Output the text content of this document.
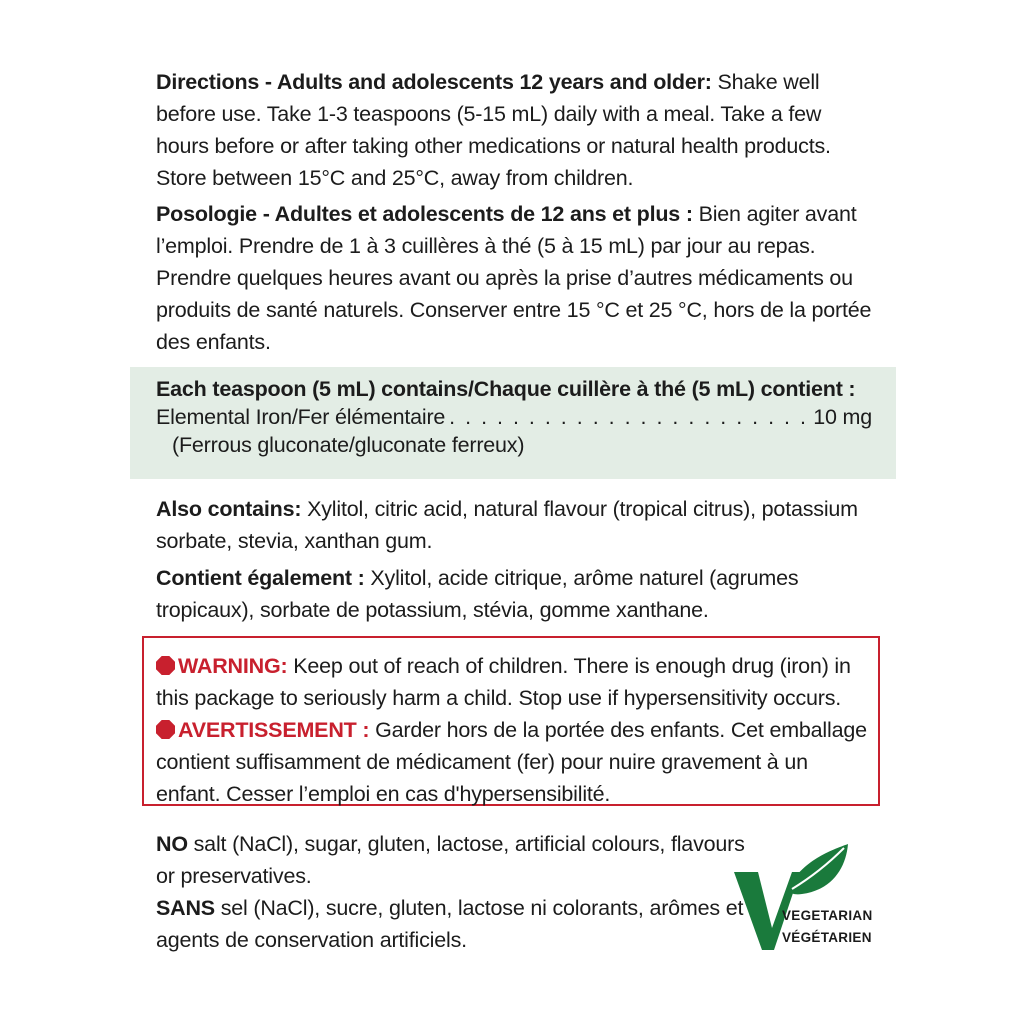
Directions - Adults and adolescents 12 years and older: Shake well before use. Take 1-3 teaspoons (5-15 mL) daily with a meal. Take a few hours before or after taking other medications or natural health products. Store between 15°C and 25°C, away from children.

Posologie - Adultes et adolescents de 12 ans et plus : Bien agiter avant l’emploi. Prendre de 1 à 3 cuillères à thé (5 à 15 mL) par jour au repas. Prendre quelques heures avant ou après la prise d’autres médicaments ou produits de santé naturels. Conserver entre 15 °C et 25 °C, hors de la portée des enfants.

Each teaspoon (5 mL) contains/Chaque cuillère à thé (5 mL) contient :
Elemental Iron/Fer élémentaire
. . .	10 mg
(Ferrous gluconate/gluconate ferreux)

Also contains: Xylitol, citric acid, natural flavour (tropical citrus), potassium sorbate, stevia, xanthan gum.

Contient également : Xylitol, acide citrique, arôme naturel (agrumes tropicaux), sorbate de potassium, stévia, gomme xanthane.

WARNING: Keep out of reach of children. There is enough drug (iron) in this package to seriously harm a child. Stop use if hypersensitivity occurs.

AVERTISSEMENT : Garder hors de la portée des enfants. Cet emballage contient suffisamment de médicament (fer) pour nuire gravement à un enfant. Cesser l’emploi en cas d'hypersensibilité.

NO salt (NaCl), sugar, gluten, lactose, artificial colours, flavours or preservatives.

SANS sel (NaCl), sucre, gluten, lactose ni colorants, arômes et agents de conservation artificiels.

VEGETARIAN
VÉGÉTARIEN
